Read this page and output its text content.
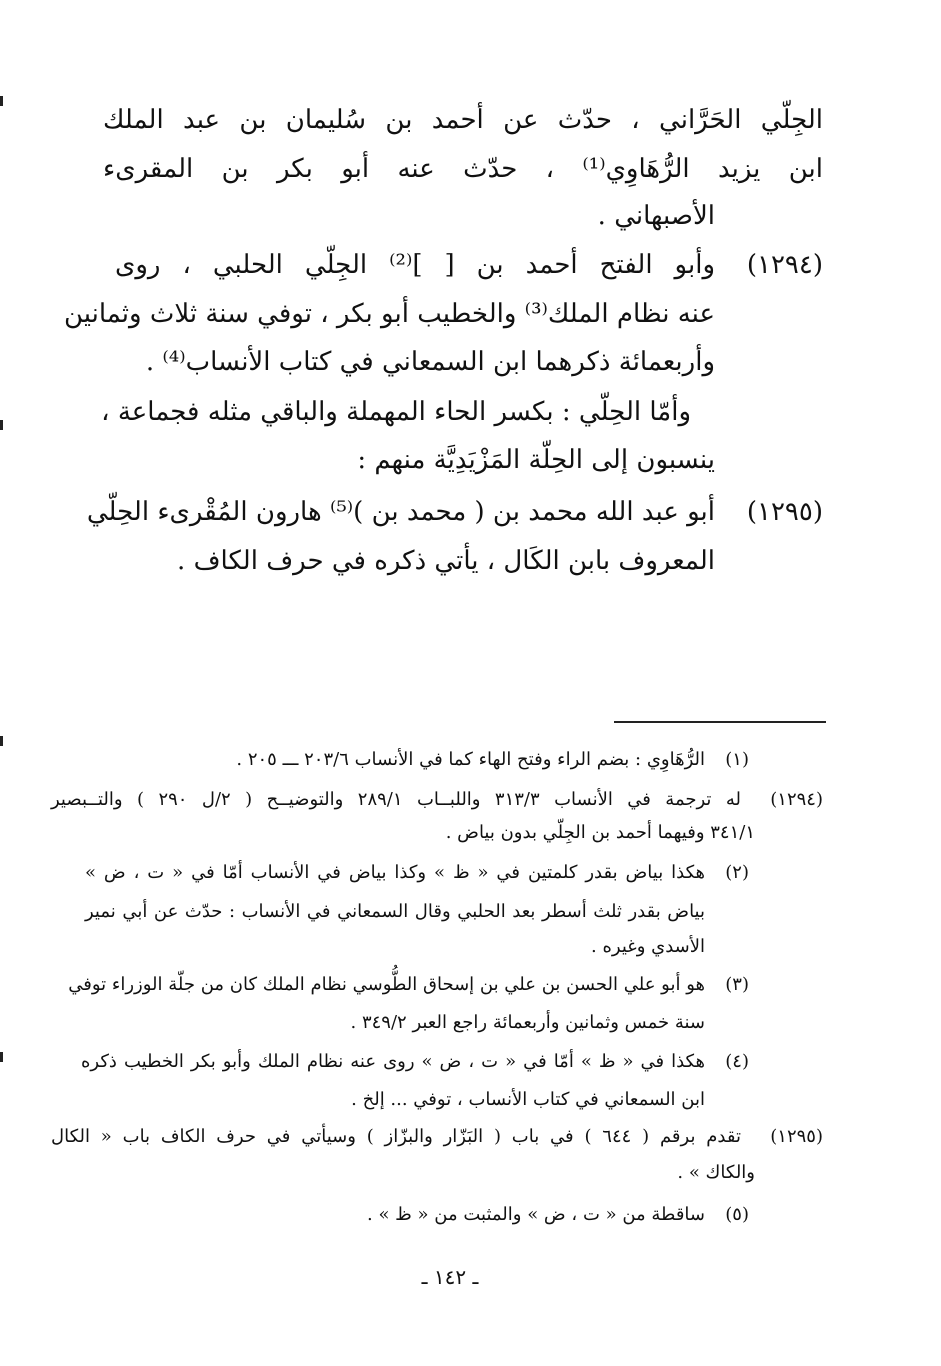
الجِلّي الحَرَّاني ، حدّث عن أحمد بن سُليمان بن عبد الملك
ابن يزيد الرُّهَاوِي⁽¹⁾ ، حدّث عنه أبو بكر بن المقرىء
الأصبهاني .
(١٢٩٤)
وأبو الفتح أحمد بن [ ]⁽²⁾ الجِلّي الحلبي ، روى
عنه نظام الملك⁽³⁾ والخطيب أبو بكر ، توفي سنة ثلاث وثمانين
وأربعمائة ذكرهما ابن السمعاني في كتاب الأنساب⁽⁴⁾ .
وأمّا الحِلّي : بكسر الحاء المهملة والباقي مثله فجماعة ،
ينسبون إلى الحِلّة المَزْيَدِيَّة منهم :
(١٢٩٥)
أبو عبد الله محمد بن ( محمد بن )⁽⁵⁾ هارون المُقْرىء الحِلّي
المعروف بابن الكَال ، يأتي ذكره في حرف الكاف .
(١)
الرُّهَاوِي : بضم الراء وفتح الهاء كما في الأنساب ٢٠٣/٦ ـــ ٢٠٥ .
(١٢٩٤)
له ترجمة في الأنساب ٣١٣/٣ واللبــاب ٢٨٩/١ والتوضيــح ( ٢/ل ٢٩٠ ) والتــبصير
٣٤١/١ وفيهما أحمد بن الجِلّي بدون بياض .
(٢)
هكذا بياض بقدر كلمتين في « ظ » وكذا بياض في الأنساب أمّا في « ت ، ض »
بياض بقدر ثلث أسطر بعد الحلبي وقال السمعاني في الأنساب : حدّث عن أبي نمير
الأسدي وغيره .
(٣)
هو أبو علي الحسن بن علي بن إسحاق الطُّوسي نظام الملك كان من جلّة الوزراء توفي
سنة خمس وثمانين وأربعمائة راجع العبر ٣٤٩/٢ .
(٤)
هكذا في « ظ » أمّا في « ت ، ض » روى عنه نظام الملك وأبو بكر الخطيب ذكره
ابن السمعاني في كتاب الأنساب ، توفي ... إلخ .
(١٢٩٥)
تقدم برقم ( ٦٤٤ ) في باب ( البَزّار والبزّاز ) وسيأتي في حرف الكاف باب « الكال
والكاك » .
(٥)
ساقطة من « ت ، ض » والمثبت من « ظ » .
ـ ١٤٢ ـ
